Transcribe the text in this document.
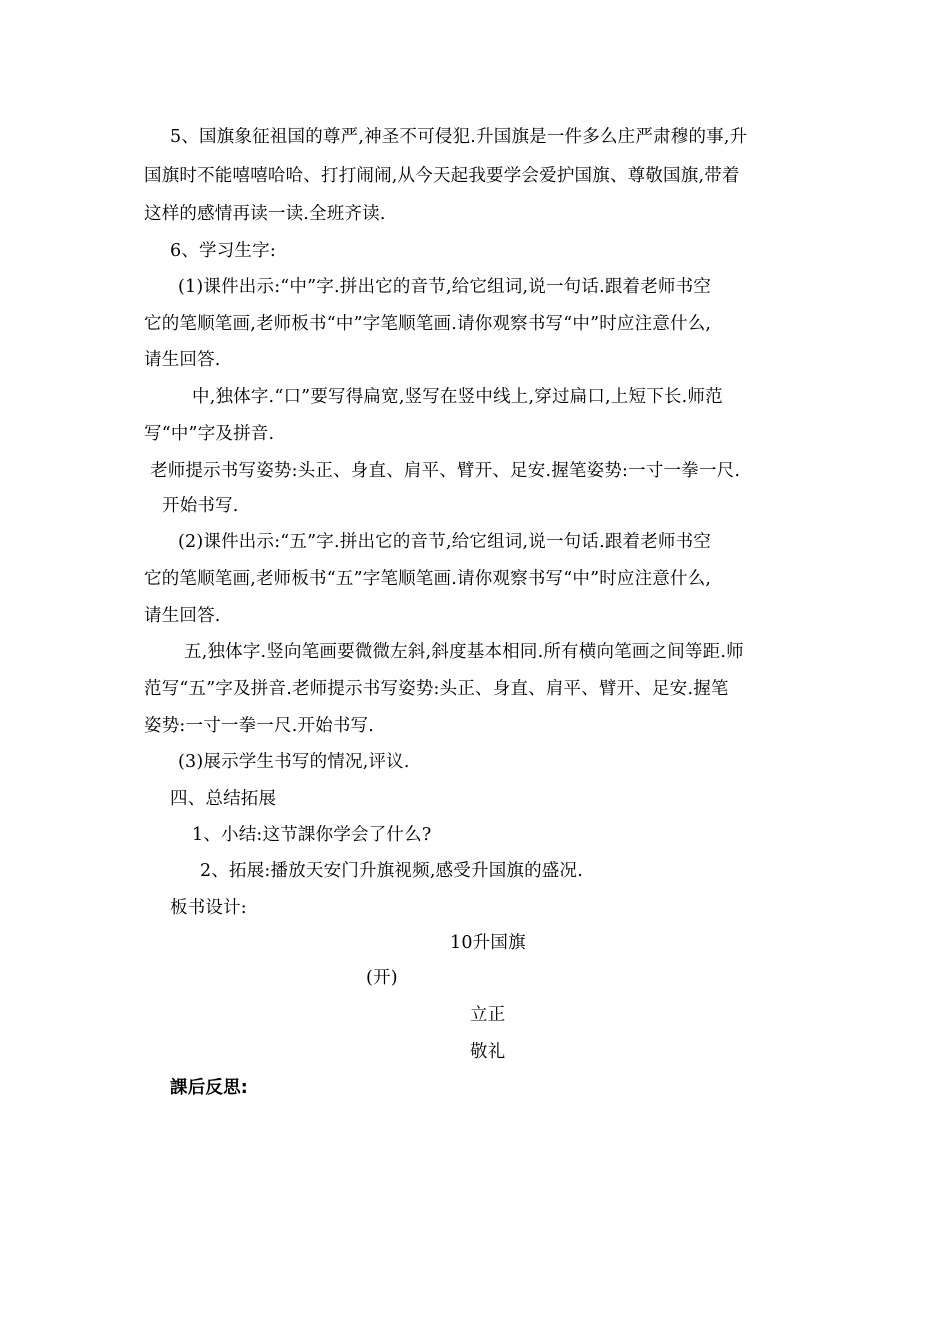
5、国旗象征祖国的尊严,神圣不可侵犯.升国旗是一件多么庄严肃穆的事,升
国旗时不能嘻嘻哈哈、打打闹闹,从今天起我要学会爱护国旗、尊敬国旗,带着
这样的感情再读一读.全班齐读.
6、学习生字:
(1)课件出示:“中”字.拼出它的音节,给它组词,说一句话.跟着老师书空
它的笔顺笔画,老师板书“中”字笔顺笔画.请你观察书写“中”时应注意什么,
请生回答.
中,独体字.“口”要写得扁宽,竖写在竖中线上,穿过扁口,上短下长.师范
写“中”字及拼音.
老师提示书写姿势:头正、身直、肩平、臂开、足安.握笔姿势:一寸一拳一尺.
开始书写.
(2)课件出示:“五”字.拼出它的音节,给它组词,说一句话.跟着老师书空
它的笔顺笔画,老师板书“五”字笔顺笔画.请你观察书写“中”时应注意什么,
请生回答.
五,独体字.竖向笔画要微微左斜,斜度基本相同.所有横向笔画之间等距.师
范写“五”字及拼音.老师提示书写姿势:头正、身直、肩平、臂开、足安.握笔
姿势:一寸一拳一尺.开始书写.
(3)展示学生书写的情况,评议.
四、总结拓展
1、小结:这节課你学会了什么?
2、拓展:播放天安门升旗视频,感受升国旗的盛况.
板书设计:
10升国旗
(开)
立正
敬礼
課后反思:
